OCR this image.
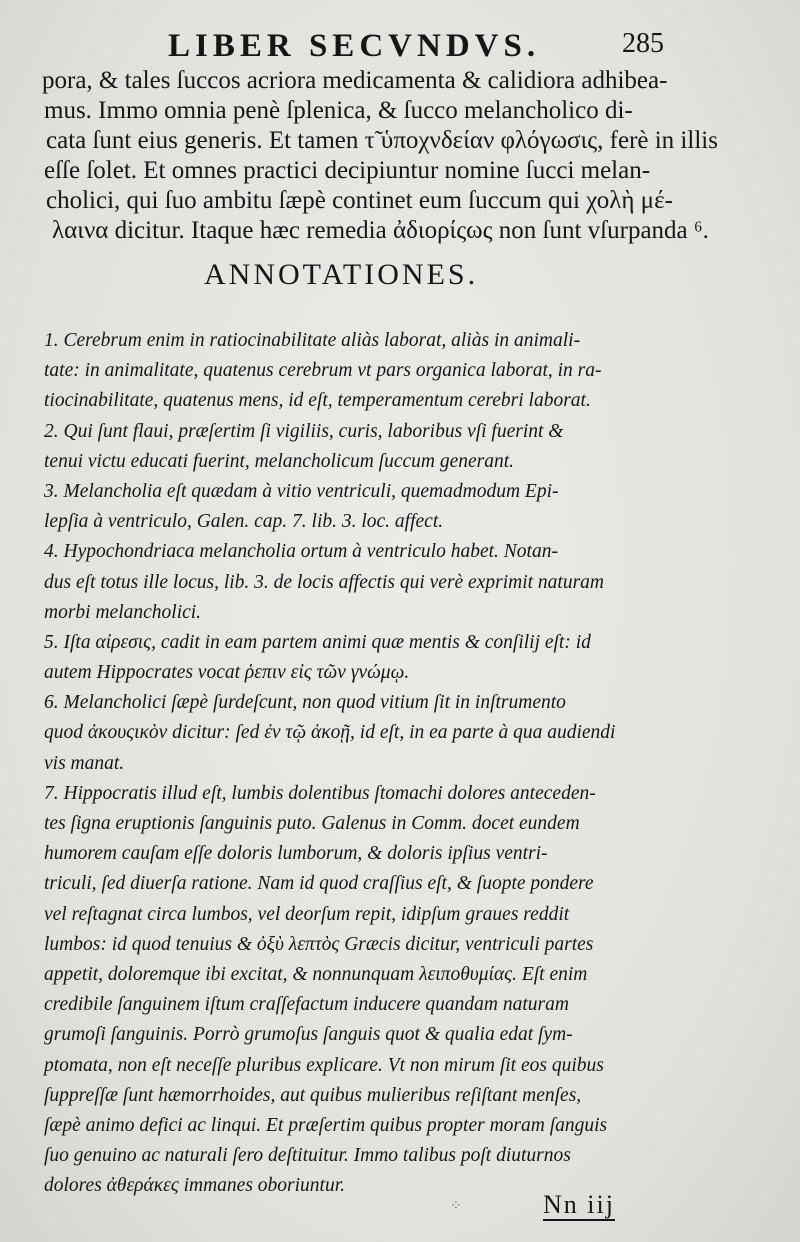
LIBER SECVNDVS.	285
pora, & tales ſuccos acriora medicamenta & calidiora adhibea-
mus. Immo omnia penè ſplenica, & ſucco melancholico di-
cata ſunt eius generis. Et tamen τ̃ ὑποχνδείαν φλόγωσις, ferè in illis
eſſe ſolet. Et omnes practici decipiuntur nomine ſucci melan-
cholici, qui ſuo ambitu ſæpè continet eum ſuccum qui χολὴ μέ-
λαινα dicitur. Itaque hæc remedia ἀδιορίςως non ſunt vſurpanda ⁶.
ANNOTATIONES.
1. Cerebrum enim in ratiocinabilitate aliàs laborat, aliàs in animali-
tate: in animalitate, quatenus cerebrum vt pars organica laborat, in ra-
tiocinabilitate, quatenus mens, id eſt, temperamentum cerebri laborat.
2. Qui ſunt flaui, præſertim ſi vigiliis, curis, laboribus vſi fuerint &
tenui victu educati fuerint, melancholicum ſuccum generant.
3. Melancholia eſt quædam à vitio ventriculi, quemadmodum Epi-
lepſia à ventriculo, Galen. cap. 7. lib. 3. loc. affect.
4. Hypochondriaca melancholia ortum à ventriculo habet. Notan-
dus eſt totus ille locus, lib. 3. de locis affectis qui verè exprimit naturam
morbi melancholici.
5. Iſta αἰρεσις, cadit in eam partem animi quæ mentis & conſilij eſt: id
autem Hippocrates vocat ῥεπιν εἰς τῶν γνώμῳ.
6. Melancholici ſæpè ſurdeſcunt, non quod vitium ſit in inſtrumento
quod ἀκουςικὸν dicitur: ſed ἐν τῷ ἀκοῇ, id eſt, in ea parte à qua audiendi
vis manat.
7. Hippocratis illud eſt, lumbis dolentibus ſtomachi dolores anteceden-
tes ſigna eruptionis ſanguinis puto. Galenus in Comm. docet eundem
humorem cauſam eſſe doloris lumborum, & doloris ipſius ventri-
triculi, ſed diuerſa ratione. Nam id quod craſſius eſt, & ſuopte pondere
vel reſtagnat circa lumbos, vel deorſum repit, idipſum graues reddit
lumbos: id quod tenuius & ὀξὺ λεπτὸς Græcis dicitur, ventriculi partes
appetit, doloremque ibi excitat, & nonnunquam λειποθυμίας. Eſt enim
credibile ſanguinem iſtum craſſefactum inducere quandam naturam
grumoſi ſanguinis. Porrò grumoſus ſanguis quot & qualia edat ſym-
ptomata, non eſt neceſſe pluribus explicare. Vt non mirum ſit eos quibus
ſuppreſſæ ſunt hæmorrhoides, aut quibus mulieribus reſiſtant menſes,
ſæpè animo defici ac linqui. Et præſertim quibus propter moram ſanguis
ſuo genuino ac naturali ſero deſtituitur. Immo talibus poſt diuturnos
dolores ἀθεράκες immanes oboriuntur.
⁘	Nn iij
